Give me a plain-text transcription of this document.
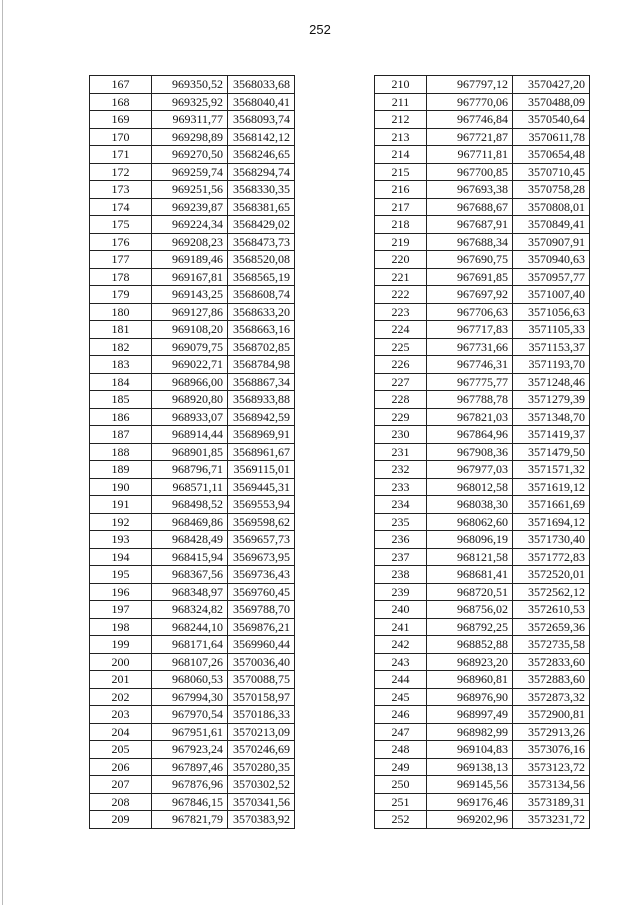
252
167	969350,52	3568033,68
168	969325,92	3568040,41
169	969311,77	3568093,74
170	969298,89	3568142,12
171	969270,50	3568246,65
172	969259,74	3568294,74
173	969251,56	3568330,35
174	969239,87	3568381,65
175	969224,34	3568429,02
176	969208,23	3568473,73
177	969189,46	3568520,08
178	969167,81	3568565,19
179	969143,25	3568608,74
180	969127,86	3568633,20
181	969108,20	3568663,16
182	969079,75	3568702,85
183	969022,71	3568784,98
184	968966,00	3568867,34
185	968920,80	3568933,88
186	968933,07	3568942,59
187	968914,44	3568969,91
188	968901,85	3568961,67
189	968796,71	3569115,01
190	968571,11	3569445,31
191	968498,52	3569553,94
192	968469,86	3569598,62
193	968428,49	3569657,73
194	968415,94	3569673,95
195	968367,56	3569736,43
196	968348,97	3569760,45
197	968324,82	3569788,70
198	968244,10	3569876,21
199	968171,64	3569960,44
200	968107,26	3570036,40
201	968060,53	3570088,75
202	967994,30	3570158,97
203	967970,54	3570186,33
204	967951,61	3570213,09
205	967923,24	3570246,69
206	967897,46	3570280,35
207	967876,96	3570302,52
208	967846,15	3570341,56
209	967821,79	3570383,92
210	967797,12	3570427,20
211	967770,06	3570488,09
212	967746,84	3570540,64
213	967721,87	3570611,78
214	967711,81	3570654,48
215	967700,85	3570710,45
216	967693,38	3570758,28
217	967688,67	3570808,01
218	967687,91	3570849,41
219	967688,34	3570907,91
220	967690,75	3570940,63
221	967691,85	3570957,77
222	967697,92	3571007,40
223	967706,63	3571056,63
224	967717,83	3571105,33
225	967731,66	3571153,37
226	967746,31	3571193,70
227	967775,77	3571248,46
228	967788,78	3571279,39
229	967821,03	3571348,70
230	967864,96	3571419,37
231	967908,36	3571479,50
232	967977,03	3571571,32
233	968012,58	3571619,12
234	968038,30	3571661,69
235	968062,60	3571694,12
236	968096,19	3571730,40
237	968121,58	3571772,83
238	968681,41	3572520,01
239	968720,51	3572562,12
240	968756,02	3572610,53
241	968792,25	3572659,36
242	968852,88	3572735,58
243	968923,20	3572833,60
244	968960,81	3572883,60
245	968976,90	3572873,32
246	968997,49	3572900,81
247	968982,99	3572913,26
248	969104,83	3573076,16
249	969138,13	3573123,72
250	969145,56	3573134,56
251	969176,46	3573189,31
252	969202,96	3573231,72
